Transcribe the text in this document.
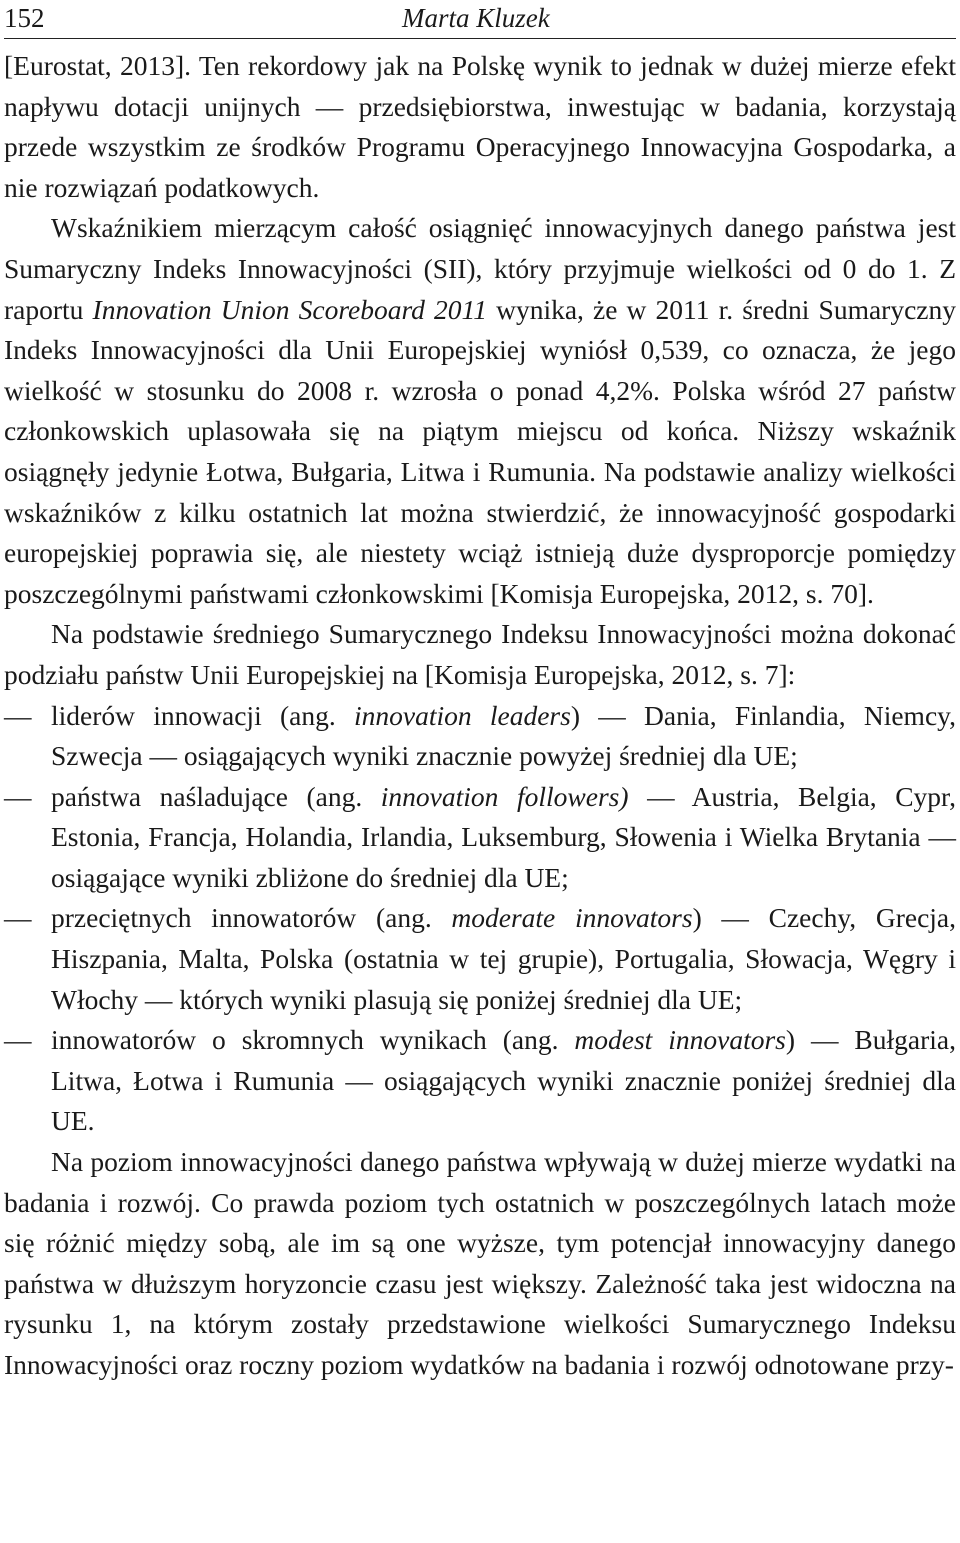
152	Marta Kluzek

[Eurostat, 2013]. Ten rekordowy jak na Polskę wynik to jednak w dużej mierze efekt napływu dotacji unijnych — przedsiębiorstwa, inwestując w badania, korzystają przede wszystkim ze środków Programu Operacyjnego Innowacyjna Gospodarka, a nie rozwiązań podatkowych.

Wskaźnikiem mierzącym całość osiągnięć innowacyjnych danego państwa jest Sumaryczny Indeks Innowacyjności (SII), który przyjmuje wielkości od 0 do 1. Z raportu Innovation Union Scoreboard 2011 wynika, że w 2011 r. średni Sumaryczny Indeks Innowacyjności dla Unii Europejskiej wyniósł 0,539, co oznacza, że jego wielkość w stosunku do 2008 r. wzrosła o ponad 4,2%. Polska wśród 27 państw członkowskich uplasowała się na piątym miejscu od końca. Niższy wskaźnik osiągnęły jedynie Łotwa, Bułgaria, Litwa i Rumunia. Na podstawie analizy wielkości wskaźników z kilku ostatnich lat można stwierdzić, że innowacyjność gospodarki europejskiej poprawia się, ale niestety wciąż istnieją duże dysproporcje pomiędzy poszczególnymi państwami członkowskimi [Komisja Europejska, 2012, s. 70].

Na podstawie średniego Sumarycznego Indeksu Innowacyjności można dokonać podziału państw Unii Europejskiej na [Komisja Europejska, 2012, s. 7]:

— liderów innowacji (ang. innovation leaders) — Dania, Finlandia, Niemcy, Szwecja — osiągających wyniki znacznie powyżej średniej dla UE;
— państwa naśladujące (ang. innovation followers) — Austria, Belgia, Cypr, Estonia, Francja, Holandia, Irlandia, Luksemburg, Słowenia i Wielka Brytania — osiągające wyniki zbliżone do średniej dla UE;
— przeciętnych innowatorów (ang. moderate innovators) — Czechy, Grecja, Hiszpania, Malta, Polska (ostatnia w tej grupie), Portugalia, Słowacja, Węgry i Włochy — których wyniki plasują się poniżej średniej dla UE;
— innowatorów o skromnych wynikach (ang. modest innovators) — Bułgaria, Litwa, Łotwa i Rumunia — osiągających wyniki znacznie poniżej średniej dla UE.

Na poziom innowacyjności danego państwa wpływają w dużej mierze wydatki na badania i rozwój. Co prawda poziom tych ostatnich w poszczególnych latach może się różnić między sobą, ale im są one wyższe, tym potencjał innowacyjny danego państwa w dłuższym horyzoncie czasu jest większy. Zależność taka jest widoczna na rysunku 1, na którym zostały przedstawione wielkości Sumarycznego Indeksu Innowacyjności oraz roczny poziom wydatków na badania i rozwój odnotowane przy-
